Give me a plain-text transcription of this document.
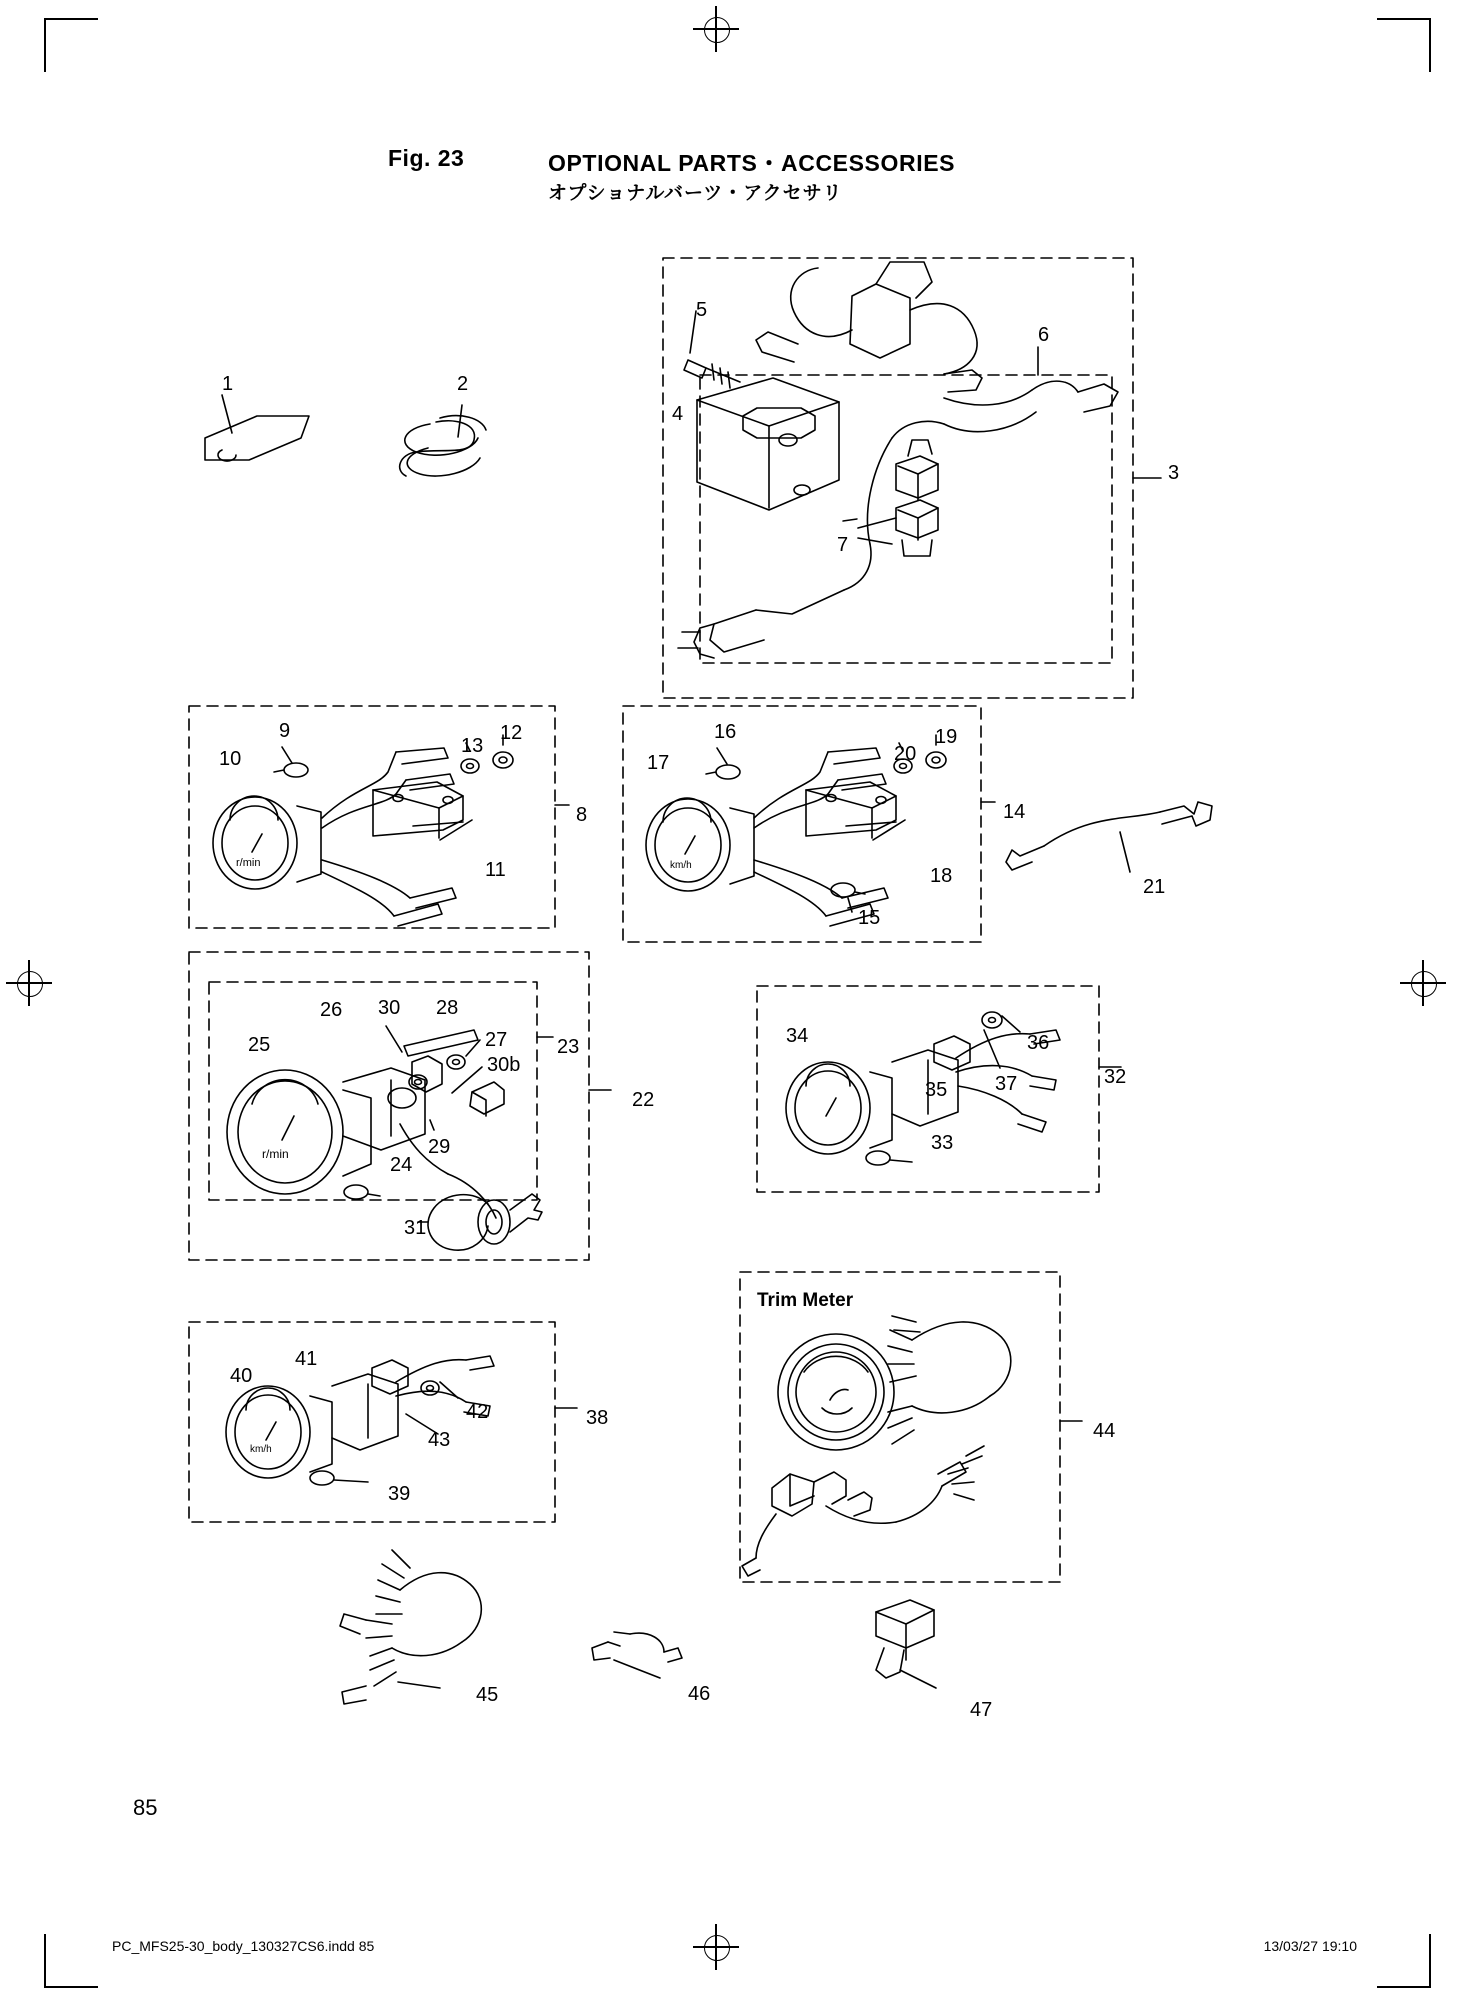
Fig. 23	OPTIONAL PARTS・ACCESSORIES
オプショナルバーツ・アクセサリ
Trim Meter
85
PC_MFS25-30_body_130327CS6.indd 85	13/03/27 19:10
r/min	km/h
r/min
km/h
1	2
3
4
5
6
7
8
9
10
11
12
13
14
15
16
17
18
19
20
21
22
23
24
25
26
27
28
29
30
30b
31
32
33
34
35
36
37
38
39
40
41
42
43	44
45	46
47
